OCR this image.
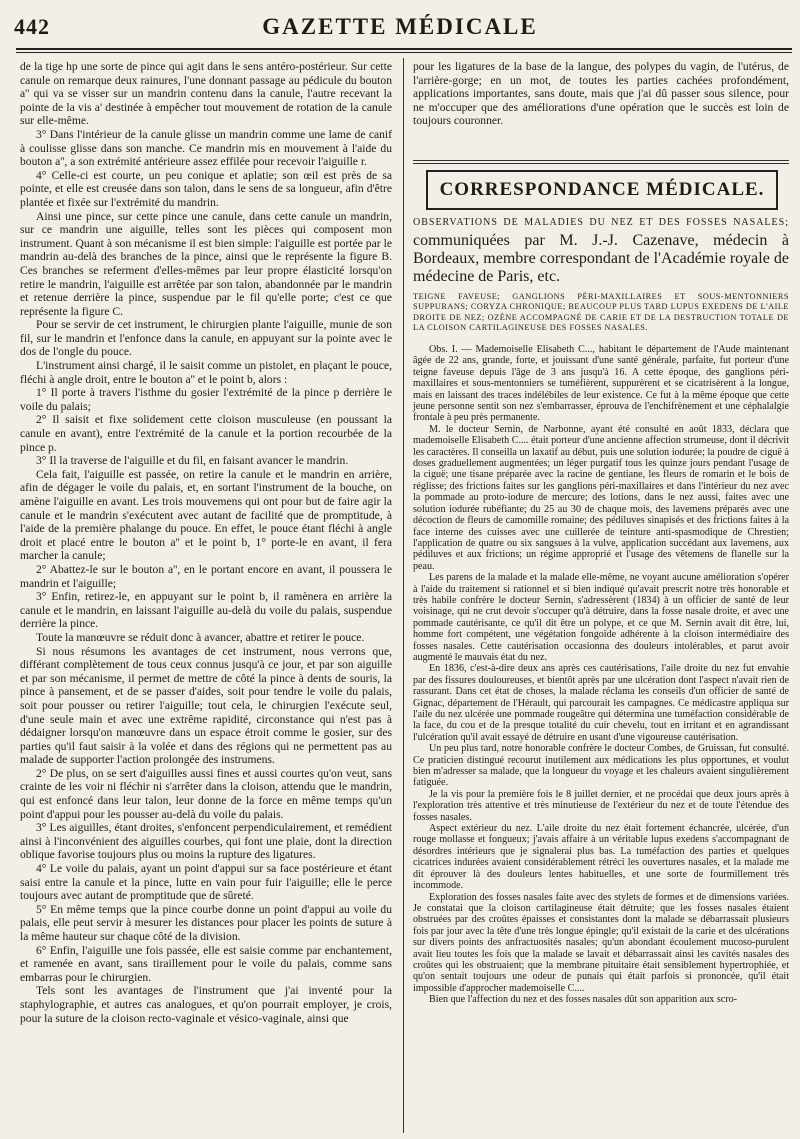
442	GAZETTE MÉDICALE

de la tige hp une sorte de pince qui agit dans le sens antéro-postérieur. Sur cette canule on remarque deux rainures, l'une donnant passage au pédicule du bouton a'' qui va se visser sur un mandrin contenu dans la canule, l'autre recevant la pointe de la vis a' destinée à empêcher tout mouvement de rotation de la canule sur elle-même.

3° Dans l'intérieur de la canule glisse un mandrin comme une lame de canif à coulisse glisse dans son manche. Ce mandrin mis en mouvement à l'aide du bouton a'', a son extrémité antérieure assez effilée pour recevoir l'aiguille r.

4° Celle-ci est courte, un peu conique et aplatie; son œil est près de sa pointe, et elle est creusée dans son talon, dans le sens de sa longueur, afin d'être plantée et fixée sur l'extrémité du mandrin.

Ainsi une pince, sur cette pince une canule, dans cette canule un mandrin, sur ce mandrin une aiguille, telles sont les pièces qui composent mon instrument. Quant à son mécanisme il est bien simple: l'aiguille est portée par le mandrin au-delà des branches de la pince, ainsi que le représente la figure B. Ces branches se referment d'elles-mêmes par leur propre élasticité lorsqu'on retire le mandrin, l'aiguille est arrêtée par son talon, abandonnée par le mandrin et retenue derrière la pince, suspendue par le fil qu'elle porte; c'est ce que représente la figure C.

Pour se servir de cet instrument, le chirurgien plante l'aiguille, munie de son fil, sur le mandrin et l'enfonce dans la canule, en appuyant sur la pointe avec le dos de l'ongle du pouce.

L'instrument ainsi chargé, il le saisit comme un pistolet, en plaçant le pouce, fléchi à angle droit, entre le bouton a'' et le point b, alors :

1° Il porte à travers l'isthme du gosier l'extrémité de la pince p derrière le voile du palais;

2° Il saisit et fixe solidement cette cloison musculeuse (en poussant la canule en avant), entre l'extrémité de la canule et la portion recourbée de la pince p.

3° Il la traverse de l'aiguille et du fil, en faisant avancer le mandrin.

Cela fait, l'aiguille est passée, on retire la canule et le mandrin en arrière, afin de dégager le voile du palais, et, en sortant l'instrument de la bouche, on amène l'aiguille en avant. Les trois mouvemens qui ont pour but de faire agir la canule et le mandrin s'exécutent avec autant de facilité que de promptitude, à l'aide de la première phalange du pouce. En effet, le pouce étant fléchi à angle droit et placé entre le bouton a'' et le point b, 1° porte-le en avant, il fera marcher la canule;

2° Abattez-le sur le bouton a'', en le portant encore en avant, il poussera le mandrin et l'aiguille;

3° Enfin, retirez-le, en appuyant sur le point b, il ramènera en arrière la canule et le mandrin, en laissant l'aiguille au-delà du voile du palais, suspendue derrière la pince.

Toute la manœuvre se réduit donc à avancer, abattre et retirer le pouce.

Si nous résumons les avantages de cet instrument, nous verrons que, différant complètement de tous ceux connus jusqu'à ce jour, et par son aiguille et par son mécanisme, il permet de mettre de côté la pince à dents de souris, la pince à pansement, et de se passer d'aides, soit pour tendre le voile du palais, soit pour pousser ou retirer l'aiguille; tout cela, le chirurgien l'exécute seul, d'une seule main et avec une extrême rapidité, circonstance qui n'est pas à dédaigner lorsqu'on manœuvre dans un espace étroit comme le gosier, sur des parties qu'il faut saisir à la volée et dans des régions qui ne permettent pas au malade de supporter l'action prolongée des instrumens.

2° De plus, on se sert d'aiguilles aussi fines et aussi courtes qu'on veut, sans crainte de les voir ni fléchir ni s'arrêter dans la cloison, attendu que le mandrin, qui est enfoncé dans leur talon, leur donne de la force en même temps qu'un point d'appui pour les pousser au-delà du voile du palais.

3° Les aiguilles, étant droites, s'enfoncent perpendiculairement, et remédient ainsi à l'inconvénient des aiguilles courbes, qui font une plaie, dont la direction oblique favorise toujours plus ou moins la rupture des ligatures.

4° Le voile du palais, ayant un point d'appui sur sa face postérieure et étant saisi entre la canule et la pince, lutte en vain pour fuir l'aiguille; elle le perce toujours avec autant de promptitude que de sûreté.

5° En même temps que la pince courbe donne un point d'appui au voile du palais, elle peut servir à mesurer les distances pour placer les points de suture à la même hauteur sur chaque côté de la division.

6° Enfin, l'aiguille une fois passée, elle est saisie comme par enchantement, et ramenée en avant, sans tiraillement pour le voile du palais, comme sans embarras pour le chirurgien.

Tels sont les avantages de l'instrument que j'ai inventé pour la staphylographie, et autres cas analogues, et qu'on pourrait employer, je crois, pour la suture de la cloison recto-vaginale et vésico-vaginale, ainsi que

pour les ligatures de la base de la langue, des polypes du vagin, de l'utérus, de l'arrière-gorge; en un mot, de toutes les parties cachées profondément, applications importantes, sans doute, mais que j'ai dû passer sous silence, pour ne m'occuper que des améliorations d'une opération que le succès est loin de toujours couronner.

CORRESPONDANCE MÉDICALE.
OBSERVATIONS DE MALADIES DU NEZ ET DES FOSSES NASALES; communiquées par M. J.-J. Cazenave, médecin à Bordeaux, membre correspondant de l'Académie royale de médecine de Paris, etc.
TEIGNE FAVEUSE; GANGLIONS PÉRI-MAXILLAIRES ET SOUS-MENTONNIERS SUPPURANS; CORYZA CHRONIQUE; BEAUCOUP PLUS TARD LUPUS EXEDENS DE L'AILE DROITE DE NEZ; OZÈNE ACCOMPAGNÉ DE CARIE ET DE LA DESTRUCTION TOTALE DE LA CLOISON CARTILAGINEUSE DES FOSSES NASALES.

Obs. I. — Mademoiselle Elisabeth C..., habitant le département de l'Aude maintenant âgée de 22 ans, grande, forte, et jouissant d'une santé générale, parfaite, fut porteur d'une teigne faveuse depuis l'âge de 3 ans jusqu'à 16. A cette époque, des ganglions péri-maxillaires et sous-mentonniers se tuméfièrent, suppurèrent et se cicatrisèrent à la longue, mais en laissant des traces indélébiles de leur existence. Ce fut à la même époque que cette jeune personne sentit son nez s'embarrasser, éprouva de l'enchifrènement et une céphalalgie frontale à peu près permanente.

M. le docteur Sernin, de Narbonne, ayant été consulté en août 1833, déclara que mademoiselle Elisabeth C.... était porteur d'une ancienne affection strumeuse, dont il décrivit les caractères. Il conseilla un laxatif au début, puis une solution iodurée; la poudre de ciguë à doses graduellement augmentées; un léger purgatif tous les quinze jours pendant l'usage de la ciguë; une tisane préparée avec la racine de gentiane, les fleurs de romarin et le bois de réglisse; des frictions faites sur les ganglions péri-maxillaires et dans l'intérieur du nez avec la pommade au proto-iodure de mercure; des lotions, dans le nez aussi, faites avec une solution iodurée rubéfiante; du 25 au 30 de chaque mois, des lavemens préparés avec une décoction de fleurs de camomille romaine; des pédiluves sinapisés et des frictions faites à la face interne des cuisses avec une cuillerée de teinture anti-spasmodique de Chrestien; l'application de quatre ou six sangsues à la vulve, application succédant aux lavemens, aux pédiluves et aux frictions; un régime approprié et l'usage des vêtemens de flanelle sur la peau.

Les parens de la malade et la malade elle-même, ne voyant aucune amélioration s'opérer à l'aide du traitement si rationnel et si bien indiqué qu'avait prescrit notre très honorable et très habile confrère le docteur Sernin, s'adressèrent (1834) à un officier de santé de leur voisinage, qui ne crut devoir s'occuper qu'à détruire, dans la fosse nasale droite, et avec une pommade cautérisante, ce qu'il dit être un polype, et ce que M. Sernin avait dit être, lui, homme fort compétent, une végétation fongoïde adhérente à la cloison intermédiaire des fosses nasales. Cette cautérisation occasionna des douleurs intolérables, et parut avoir augmenté le mauvais état du nez.

En 1836, c'est-à-dire deux ans après ces cautérisations, l'aile droite du nez fut envahie par des fissures douloureuses, et bientôt après par une ulcération dont l'aspect n'avait rien de rassurant. Dans cet état de choses, la malade réclama les conseils d'un officier de santé de Gignac, département de l'Hérault, qui parcourait les campagnes. Ce médicastre appliqua sur l'aile du nez ulcérée une pommade rougeâtre qui détermina une tuméfaction considérable de la face, du cou et de la presque totalité du cuir chevelu, tout en irritant et en agrandissant l'ulcération qu'il avait essayé de détruire en usant d'une vigoureuse cautérisation.

Un peu plus tard, notre honorable confrère le docteur Combes, de Gruissan, fut consulté. Ce praticien distingué recourut inutilement aux médications les plus opportunes, et voulut bien m'adresser sa malade, que la longueur du voyage et les chaleurs avaient singulièrement fatiguée.

Je la vis pour la première fois le 8 juillet dernier, et ne procédai que deux jours après à l'exploration très attentive et très minutieuse de l'extérieur du nez et de toute l'étendue des fosses nasales.

Aspect extérieur du nez. L'aile droite du nez était fortement échancrée, ulcérée, d'un rouge mollasse et fongueux; j'avais affaire à un véritable lupus exedens s'accompagnant de désordres intérieurs que je signalerai plus bas. La tuméfaction des parties et quelques cicatrices indurées avaient considérablement rétréci les ouvertures nasales, et la malade me dit éprouver là des douleurs lentes habituelles, et une sorte de fourmillement très incommode.

Exploration des fosses nasales faite avec des stylets de formes et de dimensions variées. Je constatai que la cloison cartilagineuse était détruite; que les fosses nasales étaient obstruées par des croûtes épaisses et consistantes dont la malade se débarrassait plusieurs fois par jour avec la tête d'une très longue épingle; qu'il existait de la carie et des ulcérations sur divers points des anfractuosités nasales; qu'un abondant écoulement mucoso-purulent avait lieu toutes les fois que la malade se lavait et débarrassait ainsi les cavités nasales des croûtes qui les obstruaient; que la membrane pituitaire était sensiblement hypertrophiée, et qu'on sentait toujours une odeur de punais qui était parfois si prononcée, qu'il était impossible d'approcher mademoiselle C....

Bien que l'affection du nez et des fosses nasales dût son apparition aux scro-
